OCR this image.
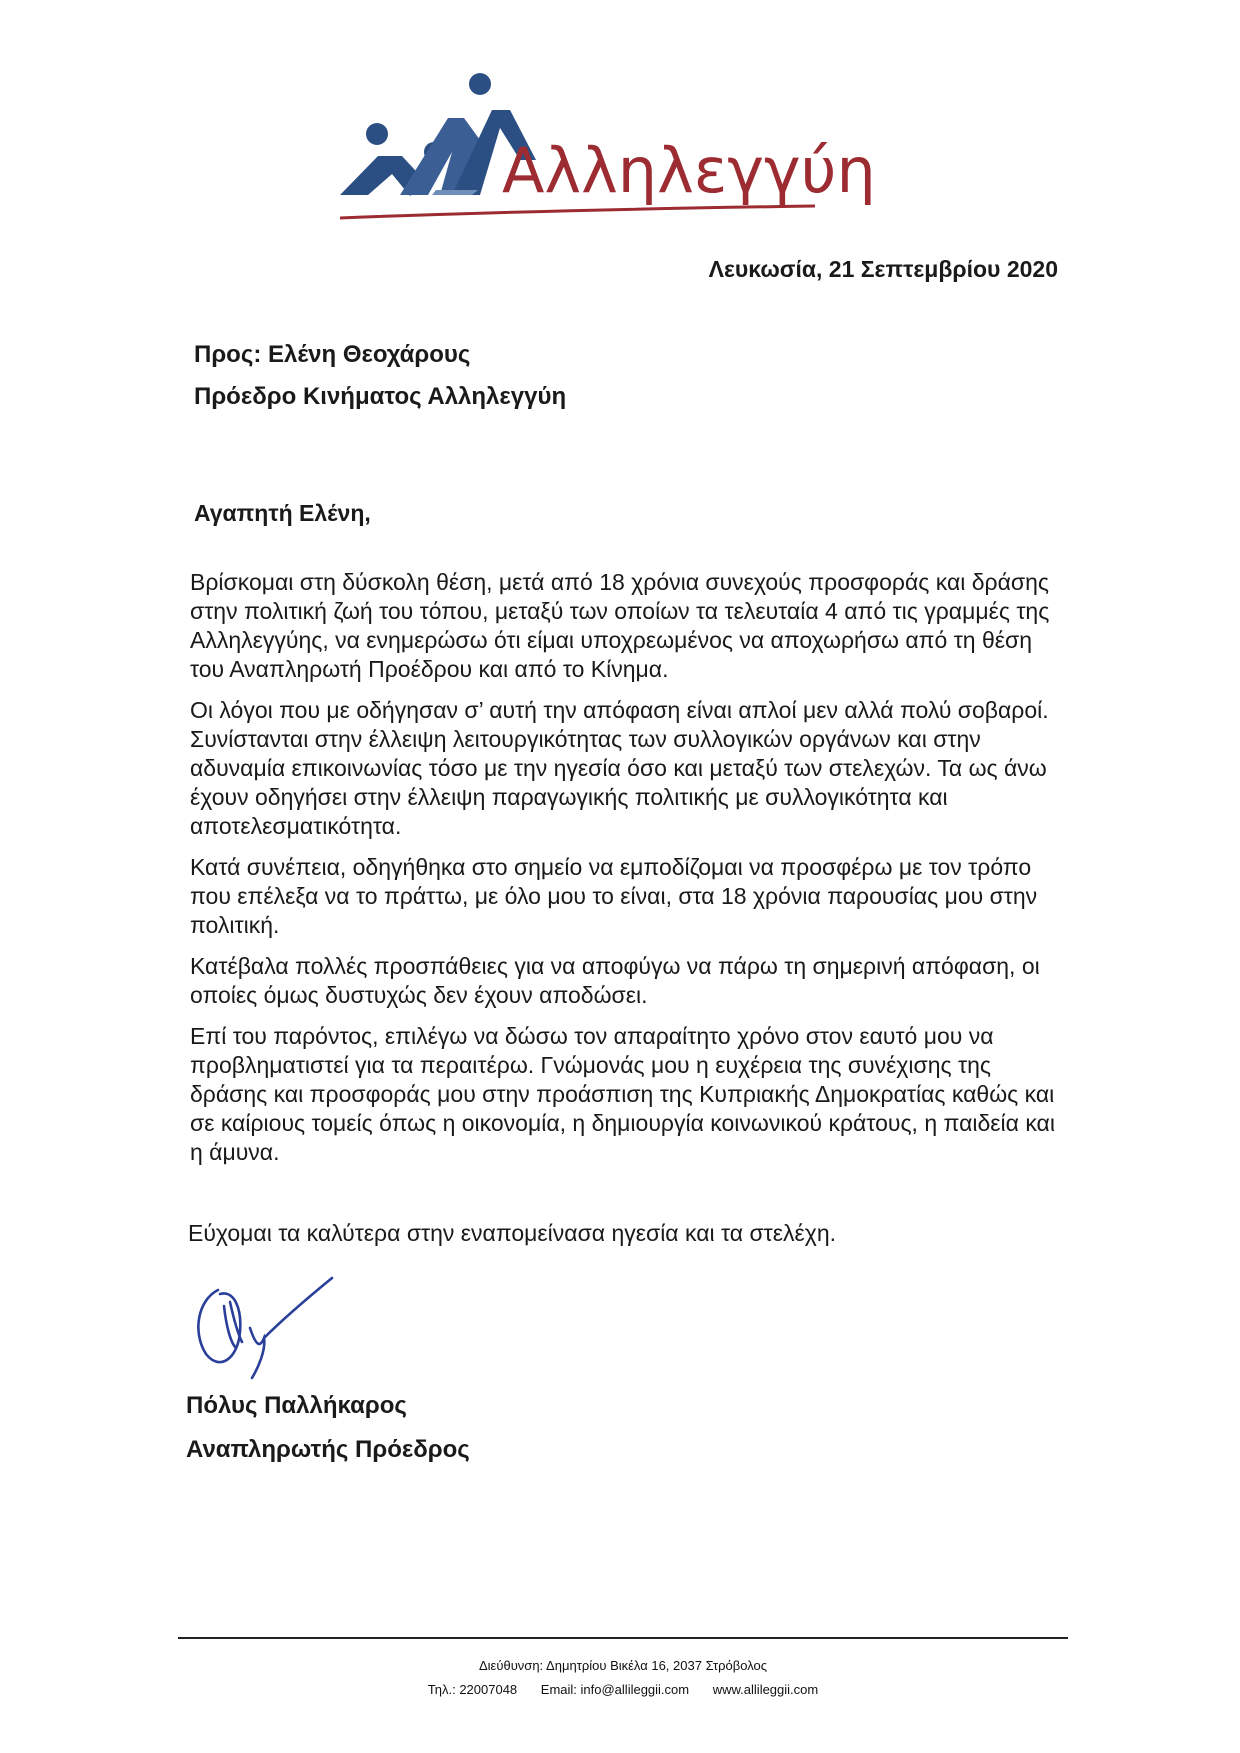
Αλληλεγγύη
Λευκωσία, 21 Σεπτεμβρίου 2020
Προς: Ελένη Θεοχάρους
Πρόεδρο Κινήματος Αλληλεγγύη
Αγαπητή Ελένη,

Βρίσκομαι στη δύσκολη θέση, μετά από 18 χρόνια συνεχούς προσφοράς και δράσης στην πολιτική ζωή του τόπου, μεταξύ των οποίων τα τελευταία 4 από τις γραμμές της Αλληλεγγύης, να ενημερώσω ότι είμαι υποχρεωμένος να αποχωρήσω από τη θέση του Αναπληρωτή Προέδρου και από το Κίνημα.

Οι λόγοι που με οδήγησαν σ’ αυτή την απόφαση είναι απλοί μεν αλλά πολύ σοβαροί. Συνίστανται στην έλλειψη λειτουργικότητας των συλλογικών οργάνων και στην αδυναμία επικοινωνίας τόσο με την ηγεσία όσο και μεταξύ των στελεχών. Τα ως άνω έχουν οδηγήσει στην έλλειψη παραγωγικής πολιτικής με συλλογικότητα και αποτελεσματικότητα.

Κατά συνέπεια, οδηγήθηκα στο σημείο να εμποδίζομαι να προσφέρω με τον τρόπο που επέλεξα να το πράττω, με όλο μου το είναι, στα 18 χρόνια παρουσίας μου στην πολιτική.

Κατέβαλα πολλές προσπάθειες για να αποφύγω να πάρω τη σημερινή απόφαση, οι οποίες όμως δυστυχώς δεν έχουν αποδώσει.

Επί του παρόντος, επιλέγω να δώσω τον απαραίτητο χρόνο στον εαυτό μου να προβληματιστεί για τα περαιτέρω. Γνώμονάς μου η ευχέρεια της συνέχισης της δράσης και προσφοράς μου στην προάσπιση της Κυπριακής Δημοκρατίας καθώς και σε καίριους τομείς όπως η οικονομία, η δημιουργία κοινωνικού κράτους, η παιδεία και η άμυνα.

Εύχομαι τα καλύτερα στην εναπομείνασα ηγεσία και τα στελέχη.
Πόλυς Παλλήκαρος
Αναπληρωτής Πρόεδρος
Διεύθυνση: Δημητρίου Βικέλα 16, 2037 Στρόβολος
Τηλ.: 22007048 Email: info@allileggii.com www.allileggii.com
